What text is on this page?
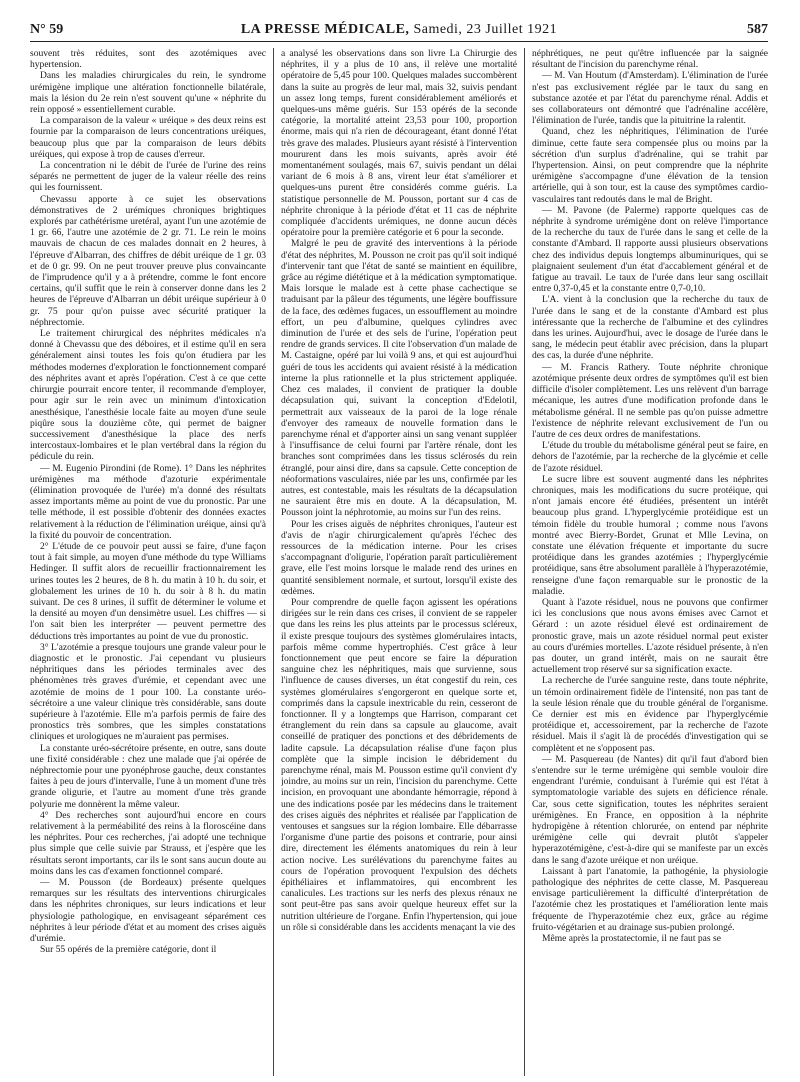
N° 59	LA PRESSE MÉDICALE, Samedi, 23 Juillet 1921	587

souvent très réduites, sont des azotémiques avec hypertension.

Dans les maladies chirurgicales du rein, le syndrome urémigène implique une altération fonctionnelle bilatérale, mais la lésion du 2e rein n'est souvent qu'une « néphrite du rein opposé » essentiellement curable.

La comparaison de la valeur « uréique » des deux reins est fournie par la comparaison de leurs concentrations uréiques, beaucoup plus que par la comparaison de leurs débits uréiques, qui expose à trop de causes d'erreur.

La concentration ni le débit de l'urée de l'urine des reins séparés ne permettent de juger de la valeur réelle des reins qui les fournissent.

Chevassu apporte à ce sujet les observations démonstratives de 2 urémiques chroniques brightiques explorés par cathétérisme uretéral, ayant l'un une azotémie de 1 gr. 66, l'autre une azotémie de 2 gr. 71. Le rein le moins mauvais de chacun de ces malades donnait en 2 heures, à l'épreuve d'Albarran, des chiffres de débit uréique de 1 gr. 03 et de 0 gr. 99. On ne peut trouver preuve plus convaincante de l'imprudence qu'il y a à prétendre, comme le font encore certains, qu'il suffit que le rein à conserver donne dans les 2 heures de l'épreuve d'Albarran un débit uréique supérieur à 0 gr. 75 pour qu'on puisse avec sécurité pratiquer la néphrectomie.

Le traitement chirurgical des néphrites médicales n'a donné à Chevassu que des déboires, et il estime qu'il en sera généralement ainsi toutes les fois qu'on étudiera par les méthodes modernes d'exploration le fonctionnement comparé des néphrites avant et après l'opération. C'est à ce que cette chirurgie pourrait encore tenter, il recommande d'employer, pour agir sur le rein avec un minimum d'intoxication anesthésique, l'anesthésie locale faite au moyen d'une seule piqûre sous la douzième côte, qui permet de baigner successivement d'anesthésique la place des nerfs intercostaux-lombaires et le plan vertébral dans la région du pédicule du rein.

— M. Eugenio Pirondini (de Rome). 1° Dans les néphrites urémigènes ma méthode d'azoturie expérimentale (élimination provoquée de l'urée) m'a donné des résultats assez importants même au point de vue du pronostic. Par une telle méthode, il est possible d'obtenir des données exactes relativement à la réduction de l'élimination uréique, ainsi qu'à la fixité du pouvoir de concentration.

2° L'étude de ce pouvoir peut aussi se faire, d'une façon tout à fait simple, au moyen d'une méthode du type Williams Hedinger. Il suffit alors de recueillir fractionnairement les urines toutes les 2 heures, de 8 h. du matin à 10 h. du soir, et globalement les urines de 10 h. du soir à 8 h. du matin suivant. De ces 8 urines, il suffit de déterminer le volume et la densité au moyen d'un densimètre usuel. Les chiffres — si l'on sait bien les interpréter — peuvent permettre des déductions très importantes au point de vue du pronostic.

3° L'azotémie a presque toujours une grande valeur pour le diagnostic et le pronostic. J'ai cependant vu plusieurs néphritiques dans les périodes terminales avec des phénomènes très graves d'urémie, et cependant avec une azotémie de moins de 1 pour 100. La constante uréo-sécrétoire a une valeur clinique très considérable, sans doute supérieure à l'azotémie. Elle m'a parfois permis de faire des pronostics très sombres, que les simples constatations cliniques et urologiques ne m'auraient pas permises.

La constante uréo-sécrétoire présente, en outre, sans doute une fixité considérable : chez une malade que j'ai opérée de néphrectomie pour une pyonéphrose gauche, deux constantes faites à peu de jours d'intervalle, l'une à un moment d'une très grande oligurie, et l'autre au moment d'une très grande polyurie me donnèrent la même valeur.

4° Des recherches sont aujourd'hui encore en cours relativement à la perméabilité des reins à la floroscéine dans les néphrites. Pour ces recherches, j'ai adopté une technique plus simple que celle suivie par Strauss, et j'espère que les résultats seront importants, car ils le sont sans aucun doute au moins dans les cas d'examen fonctionnel comparé.

— M. Pousson (de Bordeaux) présente quelques remarques sur les résultats des interventions chirurgicales dans les néphrites chroniques, sur leurs indications et leur physiologie pathologique, en envisageant séparément ces néphrites à leur période d'état et au moment des crises aiguës d'urémie.

Sur 55 opérés de la première catégorie, dont il

a analysé les observations dans son livre La Chirurgie des néphrites, il y a plus de 10 ans, il relève une mortalité opératoire de 5,45 pour 100. Quelques malades succombèrent dans la suite au progrès de leur mal, mais 32, suivis pendant un assez long temps, furent considérablement améliorés et quelques-uns même guéris. Sur 153 opérés de la seconde catégorie, la mortalité atteint 23,53 pour 100, proportion énorme, mais qui n'a rien de décourageant, étant donné l'état très grave des malades. Plusieurs ayant résisté à l'intervention moururent dans les mois suivants, après avoir été momentanément soulagés, mais 67, suivis pendant un délai variant de 6 mois à 8 ans, virent leur état s'améliorer et quelques-uns purent être considérés comme guéris. La statistique personnelle de M. Pousson, portant sur 4 cas de néphrite chronique à la période d'état et 11 cas de néphrite compliquée d'accidents urémiques, ne donne aucun décès opératoire pour la première catégorie et 6 pour la seconde.

Malgré le peu de gravité des interventions à la période d'état des néphrites, M. Pousson ne croit pas qu'il soit indiqué d'intervenir tant que l'état de santé se maintient en équilibre, grâce au régime diététique et à la médication symptomatique. Mais lorsque le malade est à cette phase cachectique se traduisant par la pâleur des téguments, une légère bouffissure de la face, des œdèmes fugaces, un essoufflement au moindre effort, un peu d'albumine, quelques cylindres avec diminution de l'urée et des sels de l'urine, l'opération peut rendre de grands services. Il cite l'observation d'un malade de M. Castaigne, opéré par lui voilà 9 ans, et qui est aujourd'hui guéri de tous les accidents qui avaient résisté à la médication interne la plus rationnelle et la plus strictement appliquée. Chez ces malades, il convient de pratiquer la double décapsulation qui, suivant la conception d'Edelotil, permettrait aux vaisseaux de la paroi de la loge rénale d'envoyer des rameaux de nouvelle formation dans le parenchyme rénal et d'apporter ainsi un sang venant suppléer à l'insuffisance de celui fourni par l'artère rénale, dont les branches sont comprimées dans les tissus sclérosés du rein étranglé, pour ainsi dire, dans sa capsule. Cette conception de néoformations vasculaires, niée par les uns, confirmée par les autres, est contestable, mais les résultats de la décapsulation ne sauraient être mis en doute. A la décapsulation, M. Pousson joint la néphrotomie, au moins sur l'un des reins.

Pour les crises aiguës de néphrites chroniques, l'auteur est d'avis de n'agir chirurgicalement qu'après l'échec des ressources de la médication interne. Pour les crises s'accompagnant d'oligurie, l'opération paraît particulièrement grave, elle l'est moins lorsque le malade rend des urines en quantité sensiblement normale, et surtout, lorsqu'il existe des œdèmes.

Pour comprendre de quelle façon agissent les opérations dirigées sur le rein dans ces crises, il convient de se rappeler que dans les reins les plus atteints par le processus scléreux, il existe presque toujours des systèmes glomérulaires intacts, parfois même comme hypertrophiés. C'est grâce à leur fonctionnement que peut encore se faire la dépuration sanguine chez les néphritiques, mais que survienne, sous l'influence de causes diverses, un état congestif du rein, ces systèmes glomérulaires s'engorgeront en quelque sorte et, comprimés dans la capsule inextricable du rein, cesseront de fonctionner. Il y a longtemps que Harrison, comparant cet étranglement du rein dans sa capsule au glaucome, avait conseillé de pratiquer des ponctions et des débridements de ladite capsule. La décapsulation réalise d'une façon plus complète que la simple incision le débridement du parenchyme rénal, mais M. Pousson estime qu'il convient d'y joindre, au moins sur un rein, l'incision du parenchyme. Cette incision, en provoquant une abondante hémorragie, répond à une des indications posée par les médecins dans le traitement des crises aiguës des néphrites et réalisée par l'application de ventouses et sangsues sur la région lombaire. Elle débarrasse l'organisme d'une partie des poisons et contrarie, pour ainsi dire, directement les éléments anatomiques du rein à leur action nocive. Les surélévations du parenchyme faites au cours de l'opération provoquent l'expulsion des déchets épithéliaires et inflammatoires, qui encombrent les canalicules. Les tractions sur les nerfs des plexus rénaux ne sont peut-être pas sans avoir quelque heureux effet sur la nutrition ultérieure de l'organe. Enfin l'hypertension, qui joue un rôle si considérable dans les accidents menaçant la vie des

néphrétiques, ne peut qu'être influencée par la saignée résultant de l'incision du parenchyme rénal.

— M. Van Houtum (d'Amsterdam). L'élimination de l'urée n'est pas exclusivement réglée par le taux du sang en substance azotée et par l'état du parenchyme rénal. Addis et ses collaborateurs ont démontré que l'adrénaline accélère, l'élimination de l'urée, tandis que la pituitrine la ralentit.

Quand, chez les néphritiques, l'élimination de l'urée diminue, cette faute sera compensée plus ou moins par la sécrétion d'un surplus d'adrénaline, qui se trahit par l'hypertension. Ainsi, on peut comprendre que la néphrite urémigène s'accompagne d'une élévation de la tension artérielle, qui à son tour, est la cause des symptômes cardio-vasculaires tant redoutés dans le mal de Bright.

— M. Pavone (de Palerme) rapporte quelques cas de néphrite à syndrome urémigène dont on relève l'importance de la recherche du taux de l'urée dans le sang et celle de la constante d'Ambard. Il rapporte aussi plusieurs observations chez des individus depuis longtemps albuminuriques, qui se plaignaient seulement d'un état d'accablement général et de fatigue au travail. Le taux de l'urée dans leur sang oscillait entre 0,37-0,45 et la constante entre 0,7-0,10.

L'A. vient à la conclusion que la recherche du taux de l'urée dans le sang et de la constante d'Ambard est plus intéressante que la recherche de l'albumine et des cylindres dans les urines. Aujourd'hui, avec le dosage de l'urée dans le sang, le médecin peut établir avec précision, dans la plupart des cas, la durée d'une néphrite.

— M. Francis Rathery. Toute néphrite chronique azotémique présente deux ordres de symptômes qu'il est bien difficile d'isoler complètement. Les uns relèvent d'un barrage mécanique, les autres d'une modification profonde dans le métabolisme général. Il ne semble pas qu'on puisse admettre l'existence de néphrite relevant exclusivement de l'un ou l'autre de ces deux ordres de manifestations.

L'étude du trouble du métabolisme général peut se faire, en dehors de l'azotémie, par la recherche de la glycémie et celle de l'azote résiduel.

Le sucre libre est souvent augmenté dans les néphrites chroniques, mais les modifications du sucre protéique, qui n'ont jamais encore été étudiées, présentent un intérêt beaucoup plus grand. L'hyperglycémie protéidique est un témoin fidèle du trouble humoral ; comme nous l'avons montré avec Bierry-Bordet, Grunat et Mlle Levina, on constate une élévation fréquente et importante du sucre protéidique dans les grandes azotémies ; l'hyperglycémie protéidique, sans être absolument parallèle à l'hyperazotémie, renseigne d'une façon remarquable sur le pronostic de la maladie.

Quant à l'azote résiduel, nous ne pouvons que confirmer ici les conclusions que nous avons émises avec Carnot et Gérard : un azote résiduel élevé est ordinairement de pronostic grave, mais un azote résiduel normal peut exister au cours d'urémies mortelles. L'azote résiduel présente, à n'en pas douter, un grand intérêt, mais on ne saurait être actuellement trop réservé sur sa signification exacte.

La recherche de l'urée sanguine reste, dans toute néphrite, un témoin ordinairement fidèle de l'intensité, non pas tant de la seule lésion rénale que du trouble général de l'organisme. Ce dernier est mis en évidence par l'hyperglycémie protéidique et, accessoirement, par la recherche de l'azote résiduel. Mais il s'agit là de procédés d'investigation qui se complètent et ne s'opposent pas.

— M. Pasquereau (de Nantes) dit qu'il faut d'abord bien s'entendre sur le terme urémigène qui semble vouloir dire engendrant l'urémie, conduisant à l'urémie qui est l'état à symptomatologie variable des sujets en déficience rénale. Car, sous cette signification, toutes les néphrites seraient urémigènes. En France, en opposition à la néphrite hydropigène à rétention chlorurée, on entend par néphrite urémigène celle qui devrait plutôt s'appeler hyperazotémigène, c'est-à-dire qui se manifeste par un excès dans le sang d'azote uréique et non uréique.

Laissant à part l'anatomie, la pathogénie, la physiologie pathologique des néphrites de cette classe, M. Pasquereau envisage particulièrement la difficulté d'interprétation de l'azotémie chez les prostatiques et l'amélioration lente mais fréquente de l'hyperazotémie chez eux, grâce au régime fruito-végétarien et au drainage sus-pubien prolongé.

Même après la prostatectomie, il ne faut pas se
